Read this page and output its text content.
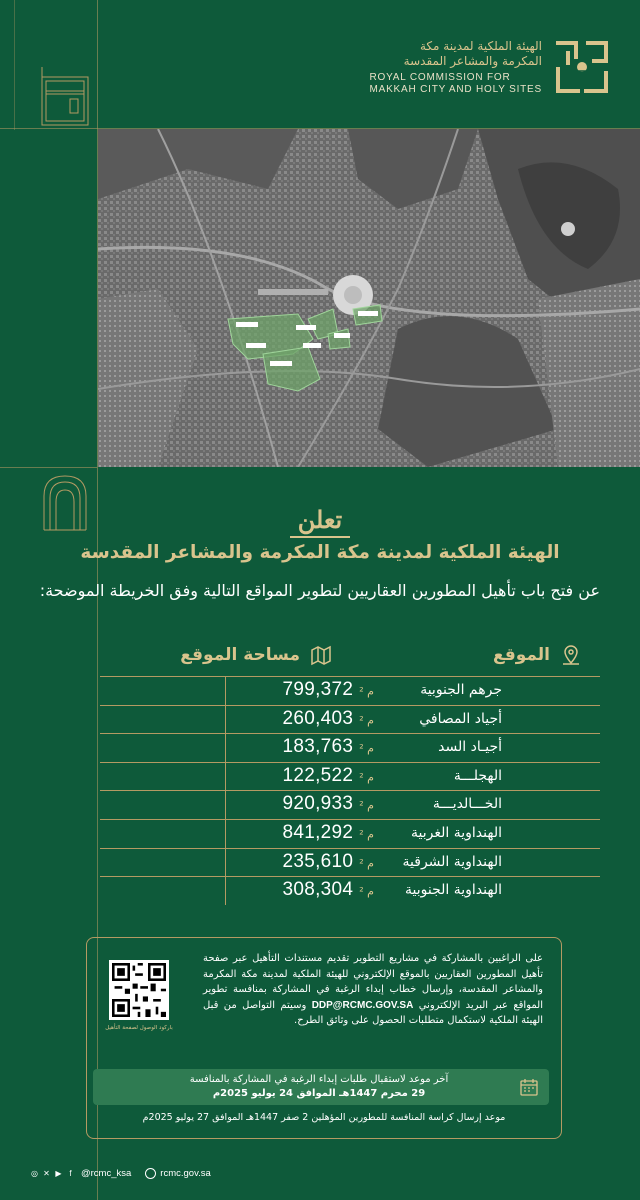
الهيئة الملكية لمدينة مكة
المكرمة والمشاعر المقدسة
ROYAL COMMISSION FOR
MAKKAH CITY AND HOLY SITES
تعلن
الهيئة الملكية لمدينة مكة المكرمة والمشاعر المقدسة
عن فتح باب تأهيل المطورين العقاريين لتطوير المواقع التالية وفق الخريطة الموضحة:
الموقع
مساحة الموقع
جرهم الجنوبية
799,372 م ²
أجياد المصافي
260,403 م ²
أجيـاد السد
183,763 م ²
الهجلـــة
122,522 م ²
الخـــالديـــة
920,933 م ²
الهنداوية الغربية
841,292 م ²
الهنداوية الشرقية
235,610 م ²
الهنداوية الجنوبية
308,304 م ²
على الراغبين بالمشاركة في مشاريع التطوير تقديم مستندات التأهيل عبر صفحة تأهيل المطورين العقاريين بالموقع الإلكتروني للهيئة الملكية لمدينة مكة المكرمة والمشاعر المقدسة، وإرسال خطاب إبداء الرغبة في المشاركة بمنافسة تطوير المواقع عبر البريد الإلكتروني DDP@RCMC.GOV.SA وسيتم التواصل من قبل الهيئة الملكية لاستكمال متطلبات الحصول على وثائق الطرح.
باركود الوصول لصفحة التأهيل
آخر موعد لاستقبال طلبات إبداء الرغبة في المشاركة بالمنافسة
29 محرم 1447هـ الموافق 24 يوليو 2025م
موعد إرسال كراسة المنافسة للمطورين المؤهلين 2 صفر 1447هـ الموافق 27 يوليو 2025م
◎ ✕ ▶ f @rcmc_ksa	rcmc.gov.sa
